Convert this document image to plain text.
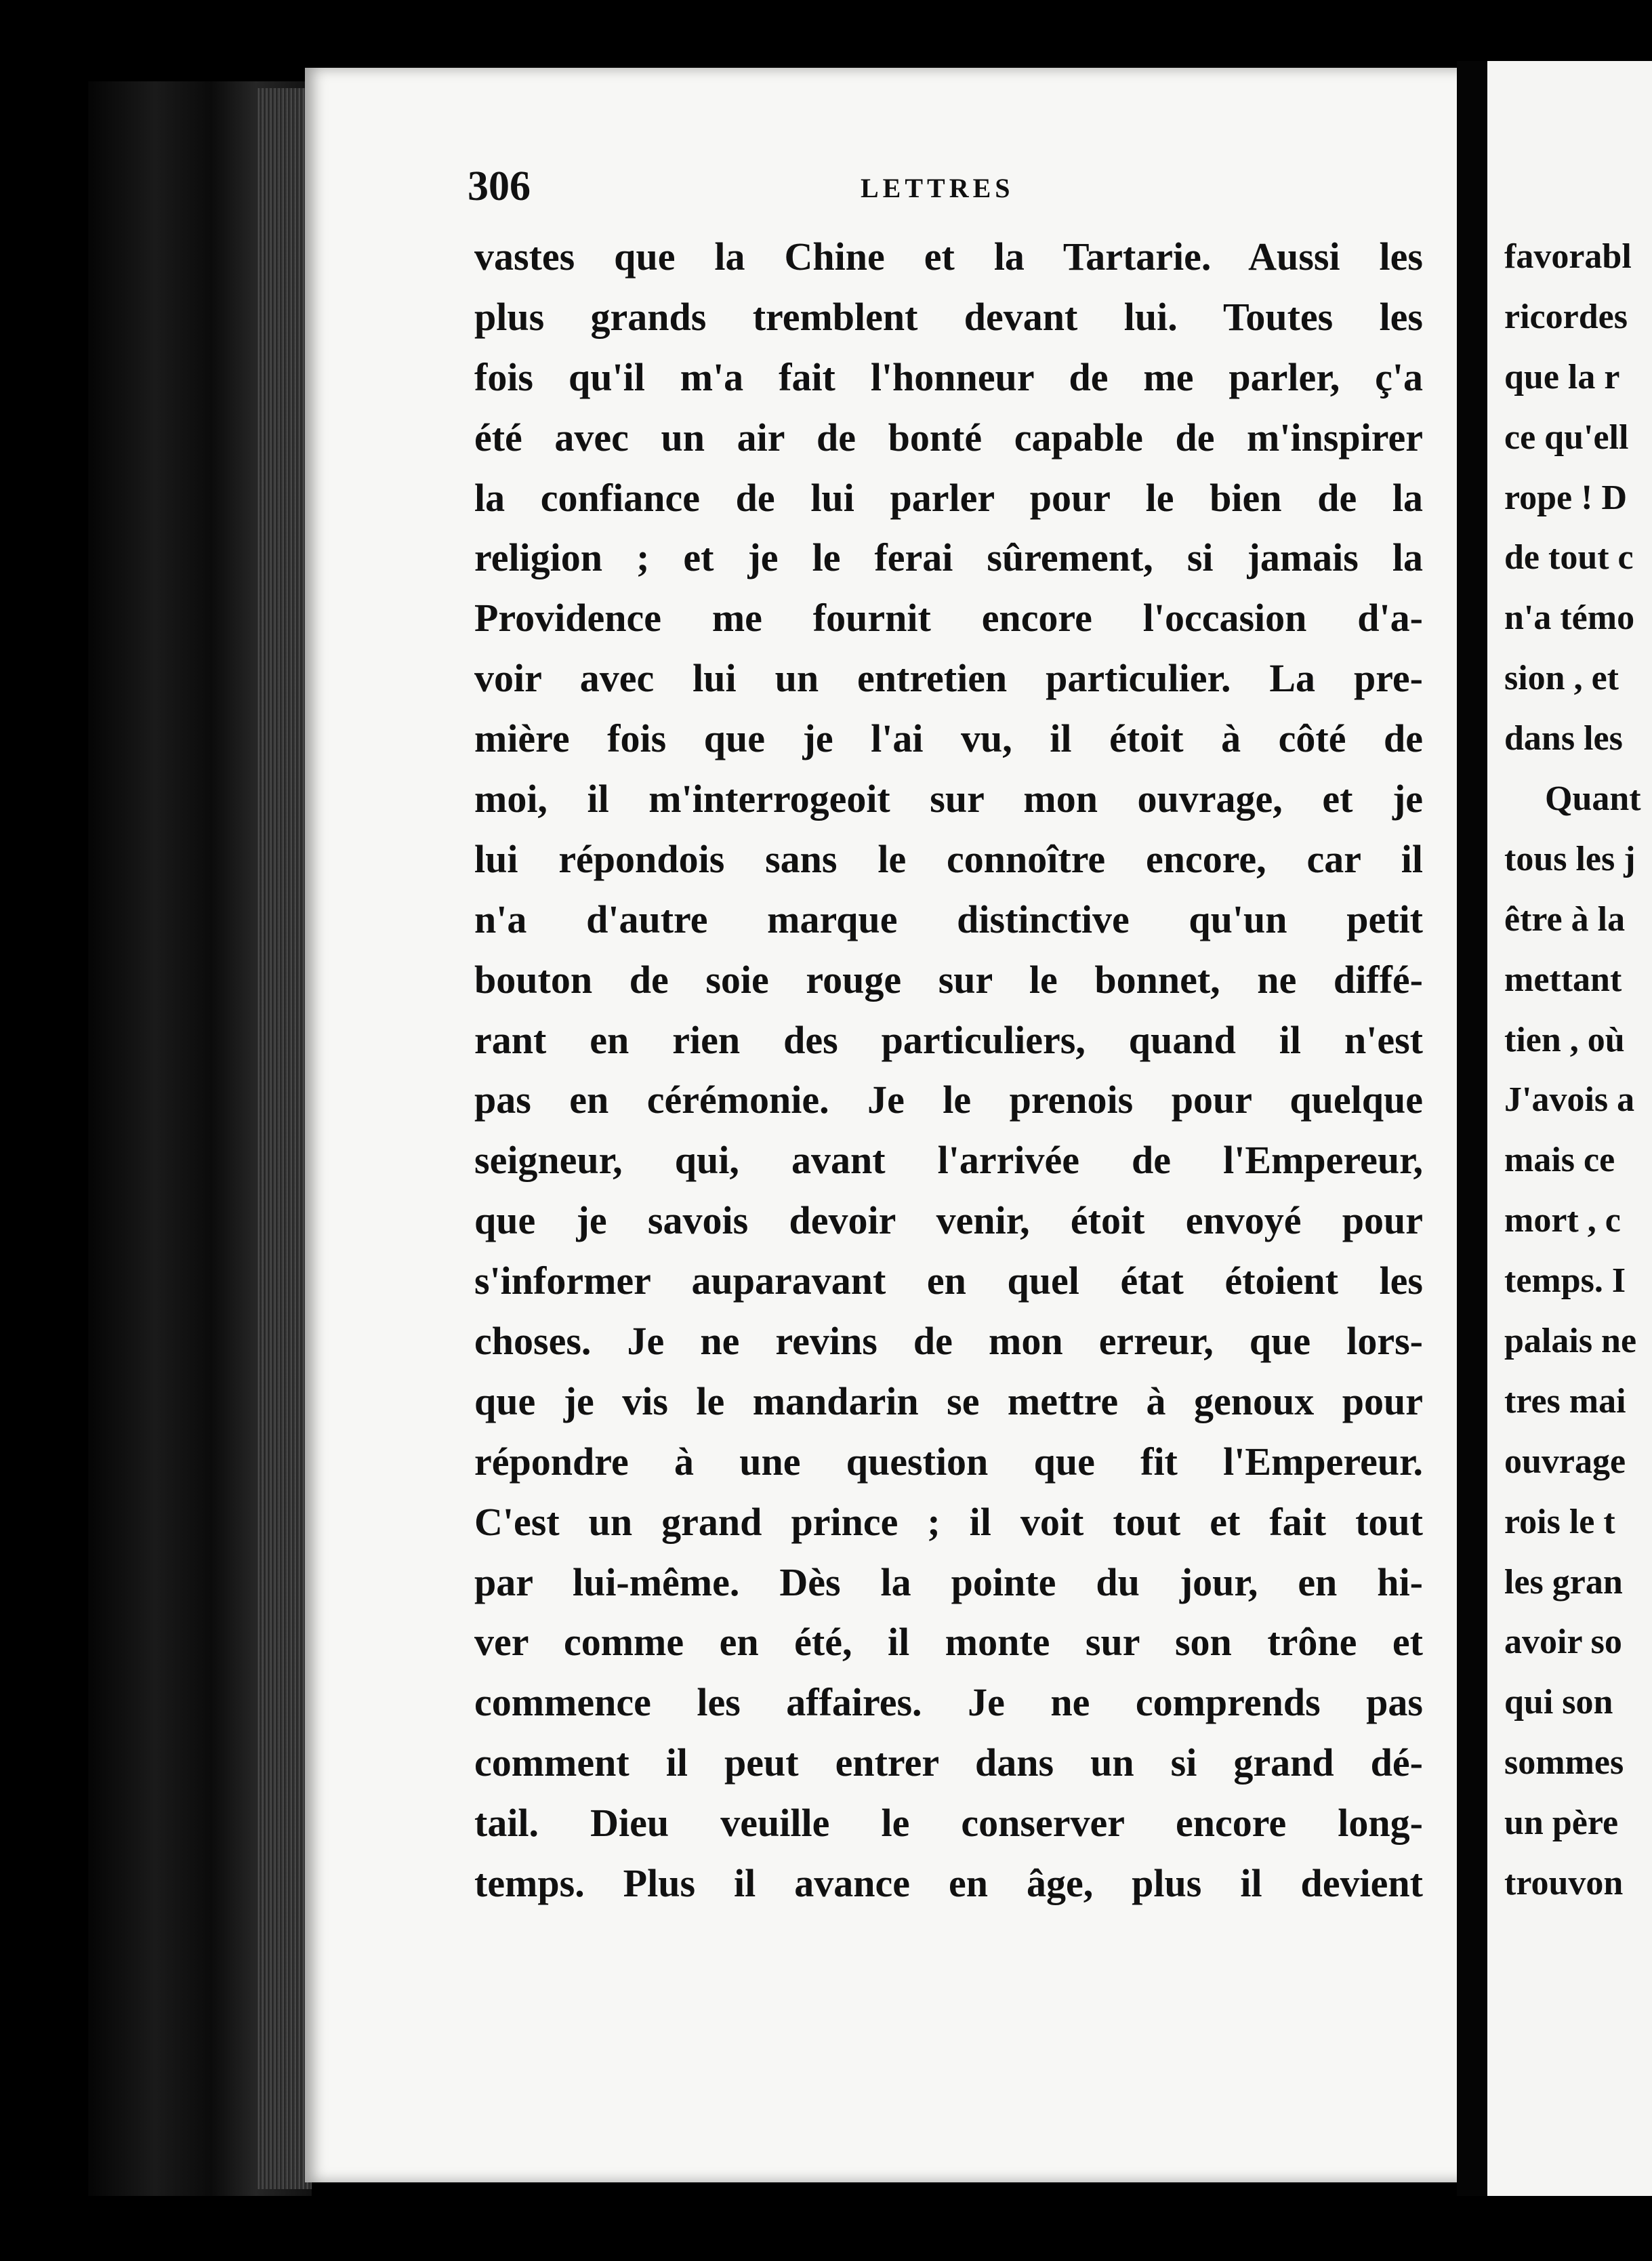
306	LETTRES
vastes que la Chine et la Tartarie. Aussi les
plus grands tremblent devant lui. Toutes les
fois qu'il m'a fait l'honneur de me parler, ç'a
été avec un air de bonté capable de m'inspirer
la confiance de lui parler pour le bien de la
religion ; et je le ferai sûrement, si jamais la
Providence me fournit encore l'occasion d'a-
voir avec lui un entretien particulier. La pre-
mière fois que je l'ai vu, il étoit à côté de
moi, il m'interrogeoit sur mon ouvrage, et je
lui répondois sans le connoître encore, car il
n'a d'autre marque distinctive qu'un petit
bouton de soie rouge sur le bonnet, ne diffé-
rant en rien des particuliers, quand il n'est
pas en cérémonie. Je le prenois pour quelque
seigneur, qui, avant l'arrivée de l'Empereur,
que je savois devoir venir, étoit envoyé pour
s'informer auparavant en quel état étoient les
choses. Je ne revins de mon erreur, que lors-
que je vis le mandarin se mettre à genoux pour
répondre à une question que fit l'Empereur.
C'est un grand prince ; il voit tout et fait tout
par lui-même. Dès la pointe du jour, en hi-
ver comme en été, il monte sur son trône et
commence les affaires. Je ne comprends pas
comment il peut entrer dans un si grand dé-
tail. Dieu veuille le conserver encore long-
temps. Plus il avance en âge, plus il devient
favorabl
ricordes
que la r
ce qu'ell
rope ! D
de tout c
n'a témo
sion , et
dans les
Quant
tous les j
être à la
mettant
tien , où
J'avois a
mais ce
mort , c
temps. I
palais ne
tres mai
ouvrage
rois le t
les gran
avoir so
qui son
sommes
un père
trouvon
